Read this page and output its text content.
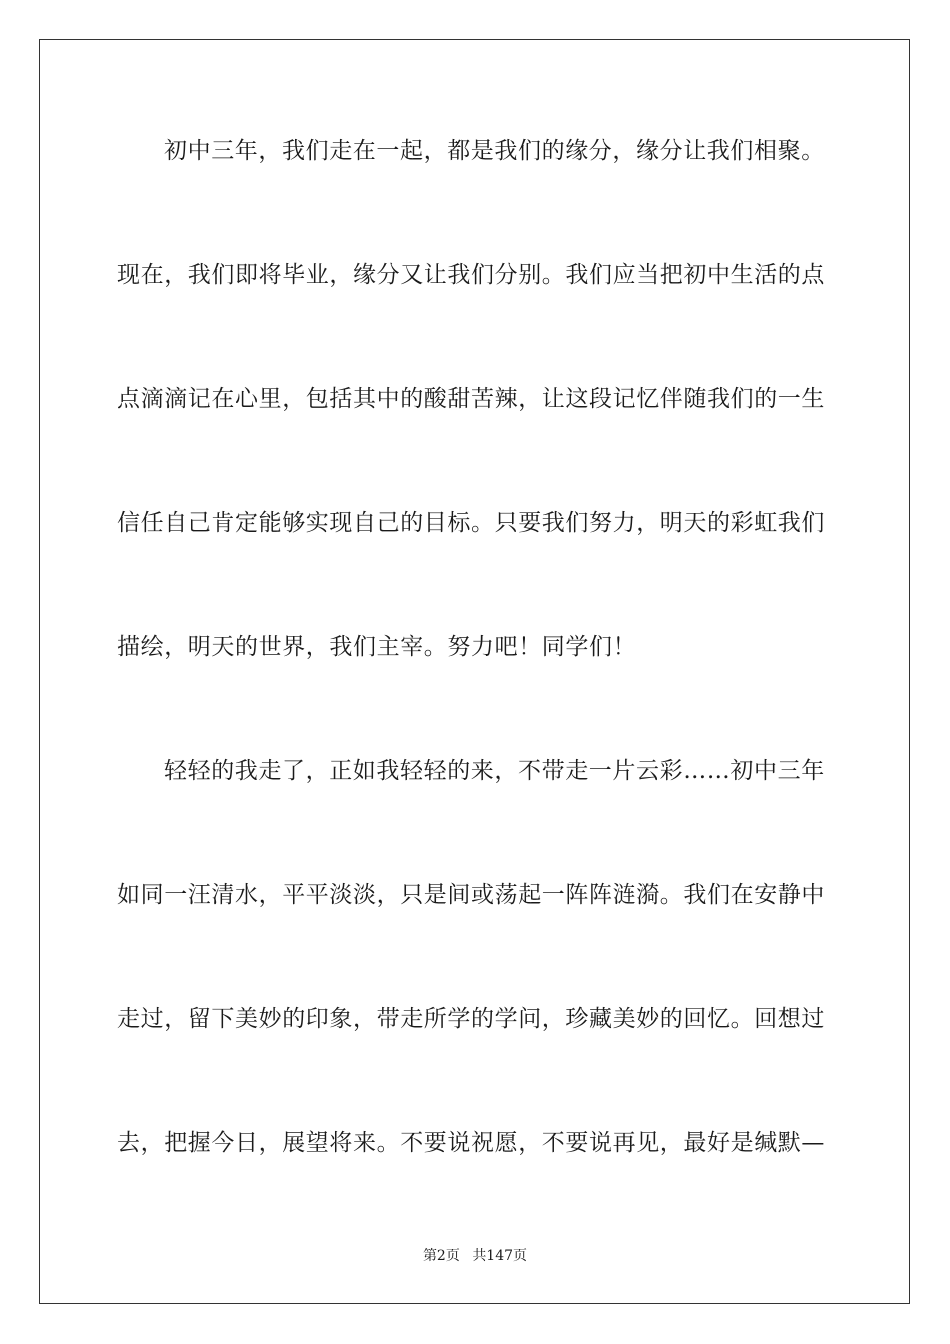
初中三年，我们走在一起，都是我们的缘分，缘分让我们相聚。
现在，我们即将毕业，缘分又让我们分别。我们应当把初中生活的点
点滴滴记在心里，包括其中的酸甜苦辣，让这段记忆伴随我们的一生
信任自己肯定能够实现自己的目标。只要我们努力，明天的彩虹我们
描绘，明天的世界，我们主宰。努力吧！同学们！
轻轻的我走了，正如我轻轻的来，不带走一片云彩……初中三年
如同一汪清水，平平淡淡，只是间或荡起一阵阵涟漪。我们在安静中
走过，留下美妙的印象，带走所学的学问，珍藏美妙的回忆。回想过
去，把握今日，展望将来。不要说祝愿，不要说再见，最好是缄默—
第2页 共147页
